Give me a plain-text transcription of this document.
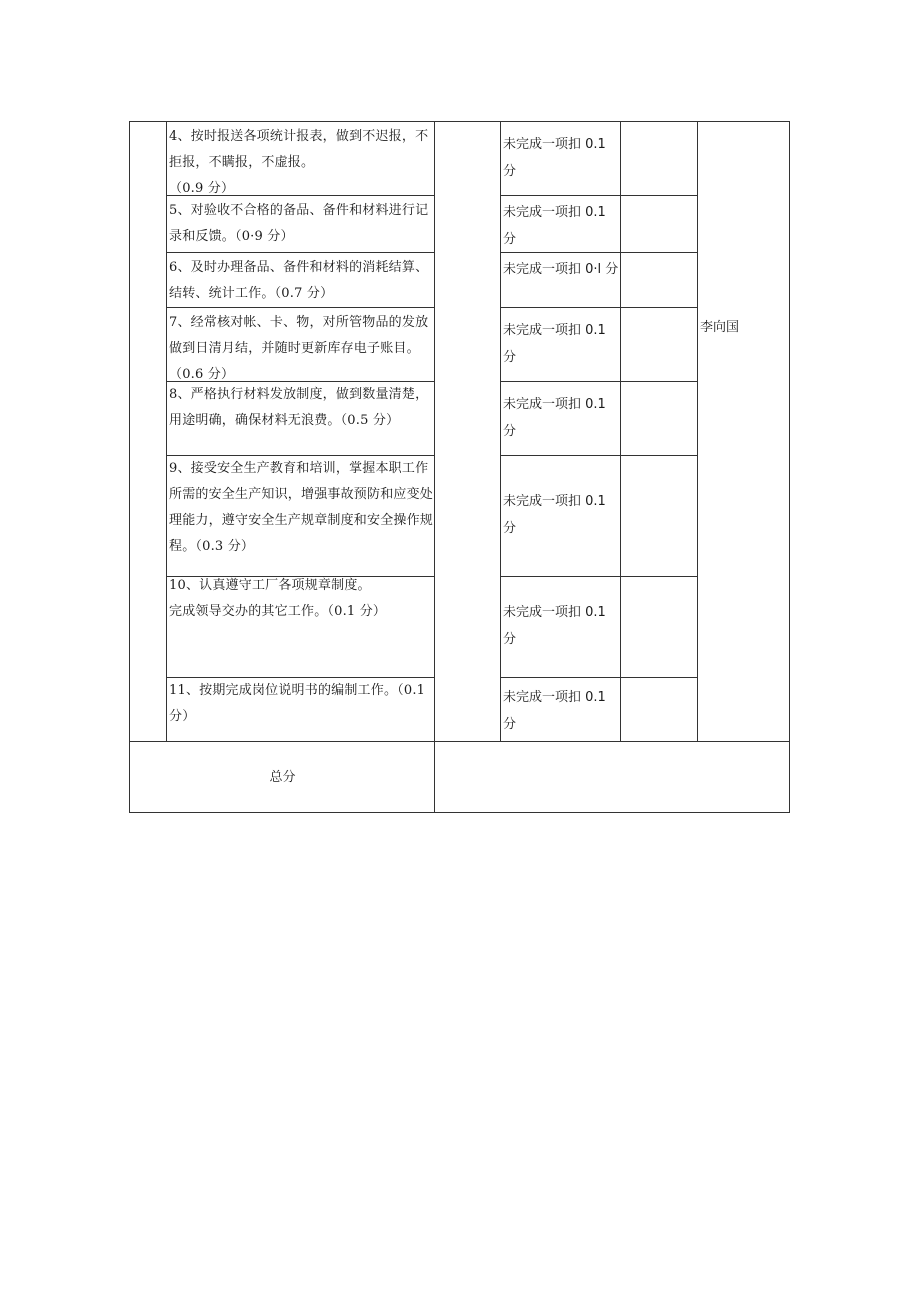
4、按时报送各项统计报表，做到不迟报，不拒报，不瞒报，不虚报。
（0.9 分）

5、对验收不合格的备品、备件和材料进行记录和反馈。（0·9 分）

6、及时办理备品、备件和材料的消耗结算、结转、统计工作。（0.7 分）

7、经常核对帐、卡、物，对所管物品的发放做到日清月结，并随时更新库存电子账目。（0.6 分）

8、严格执行材料发放制度，做到数量清楚，用途明确，确保材料无浪费。（0.5 分）

9、接受安全生产教育和培训，掌握本职工作所需的安全生产知识，增强事故预防和应变处理能力，遵守安全生产规章制度和安全操作规程。（0.3 分）

10、认真遵守工厂各项规章制度。
完成领导交办的其它工作。（0.1 分）

11、按期完成岗位说明书的编制工作。（0.1 分）

未完成一项扣 0.1 分

未完成一项扣 0.1 分

未完成一项扣 0·l 分

未完成一项扣 0.1 分

未完成一项扣 0.1 分

未完成一项扣 0.1 分

未完成一项扣 0.1 分

未完成一项扣 0.1 分

李向国
总分
